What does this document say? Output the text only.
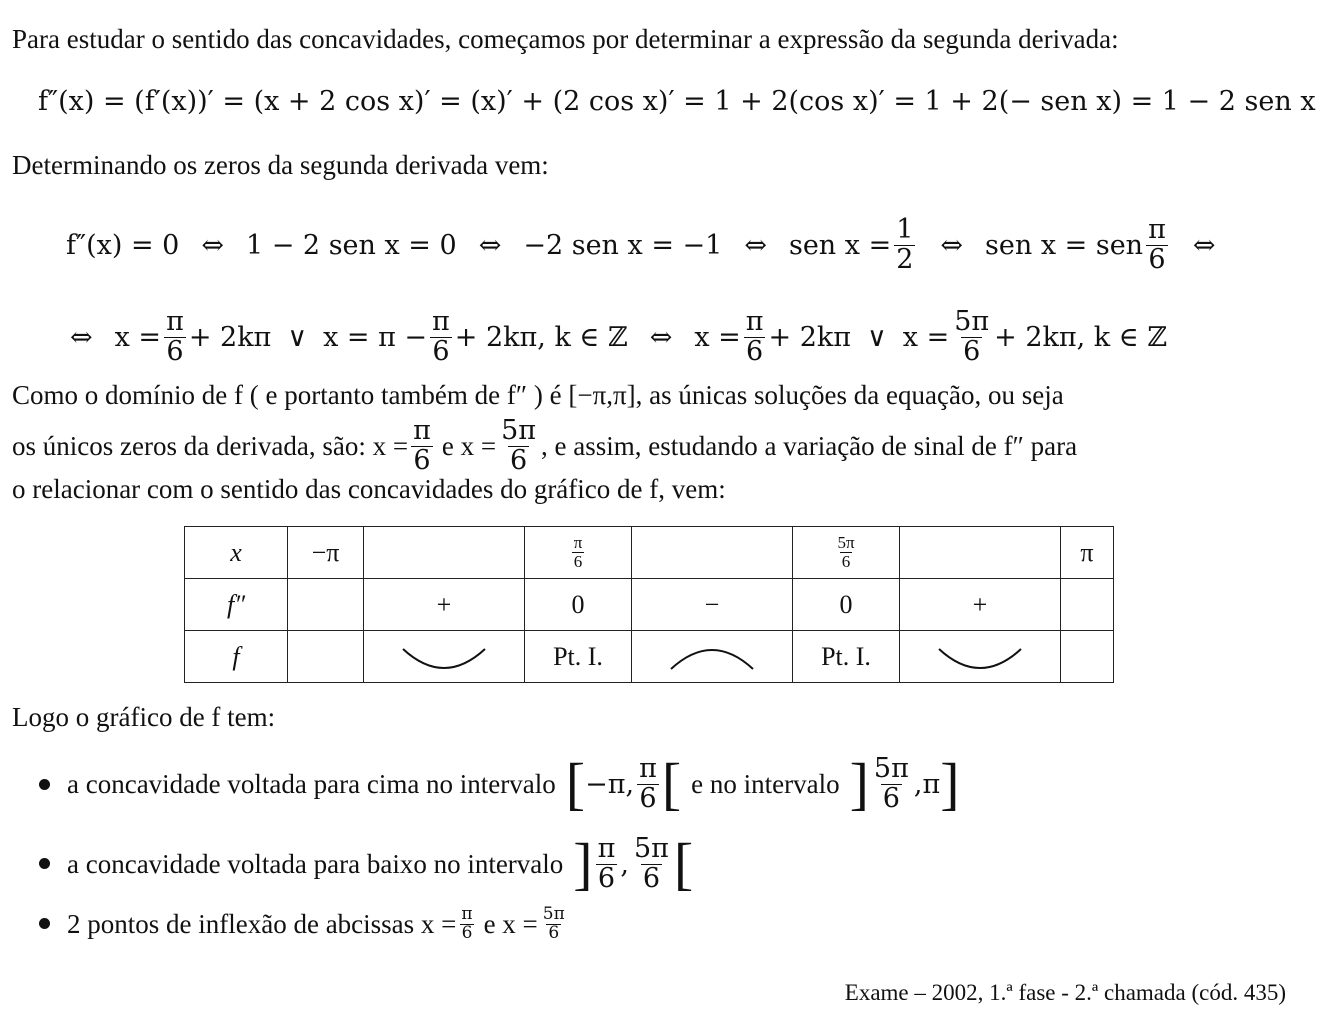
Para estudar o sentido das concavidades, começamos por determinar a expressão da segunda derivada:
f″(x) = (f′(x))′ = (x + 2 cos x)′ = (x)′ + (2 cos x)′ = 1 + 2(cos x)′ = 1 + 2(− sen x) = 1 − 2 sen x
Determinando os zeros da segunda derivada vem:
f″(x) = 0 ⇔ 1 − 2 sen x = 0 ⇔ −2 sen x = −1 ⇔ sen $x = \frac{1}{2}$ ⇔ sen x = sen $\frac{\pi}{6}$ ⇔
⇔ $x = \frac{\pi}{6} + 2k\pi$ ∨ $x = \pi - \frac{\pi}{6} + 2k\pi$ , k ∈ ℤ ⇔ $x = \frac{\pi}{6} + 2k\pi$ ∨ $x = \frac{5\pi}{6} + 2k\pi$ , k ∈ ℤ
Como o domínio de f ( e portanto também de f″ ) é [−π,π], as únicas soluções da equação, ou seja
os únicos zeros da derivada, são: $x = \frac{\pi}{6}$ e $x = \frac{5\pi}{6}$ , e assim, estudando a variação de sinal de f″ para
o relacionar com o sentido das concavidades do gráfico de f, vem:
x	−π		$\frac{\pi}{6}$		$\frac{5\pi}{6}$		π
f″		+	0	−	0	+	
f			Pt. I.		Pt. I.		
Logo o gráfico de f tem:
a concavidade voltada para cima no intervalo [ −π, $\frac{\pi}{6}$ [ e no intervalo ] $\frac{5\pi}{6} ,\pi$ ]
a concavidade voltada para baixo no intervalo ] $\frac{\pi}{6}$ , $\frac{5\pi}{6}$ [
2 pontos de inflexão de abcissas $x = \frac{\pi}{6}$ e $x = \frac{5\pi}{6}$
Exame – 2002, 1.ª fase - 2.ª chamada (cód. 435)
